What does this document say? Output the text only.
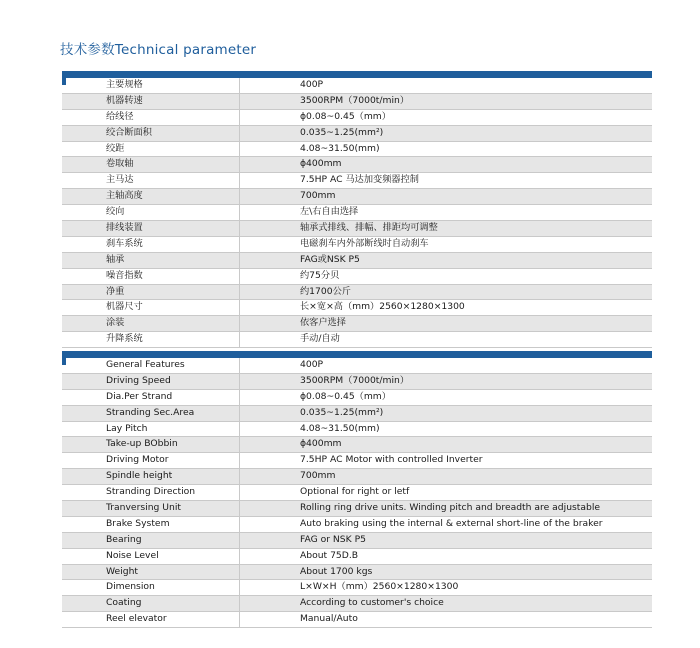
技术参数Technical parameter
主要规格	400P
机器转速	3500RPM（7000t/min）
给线径	ϕ0.08~0.45（mm）
绞合断面积	0.035~1.25(mm²)
绞距	4.08~31.50(mm)
卷取轴	ϕ400mm
主马达	7.5HP AC 马达加变频器控制
主轴高度	700mm
绞向	左\右自由选择
排线装置	轴承式排线、排幅、排距均可调整
刹车系统	电磁刹车内外部断线时自动刹车
轴承	FAG或NSK P5
噪音指数	约75分贝
净重	约1700公斤
机器尺寸	长×宽×高（mm）2560×1280×1300
涂装	依客户选择
升降系统	手动/自动
General Features	400P
Driving Speed	3500RPM（7000t/min）
Dia.Per Strand	ϕ0.08~0.45（mm）
Stranding Sec.Area	0.035~1.25(mm²)
Lay Pitch	4.08~31.50(mm)
Take-up BObbin	ϕ400mm
Driving Motor	7.5HP AC Motor with controlled Inverter
Spindle height	700mm
Stranding Direction	Optional for right or letf
Tranversing Unit	Rolling ring drive units. Winding pitch and breadth are adjustable
Brake System	Auto braking using the internal & external short-line of the braker
Bearing	FAG or NSK P5
Noise Level	About 75D.B
Weight	About 1700 kgs
Dimension	L×W×H（mm）2560×1280×1300
Coating	According to customer's choice
Reel elevator	Manual/Auto
